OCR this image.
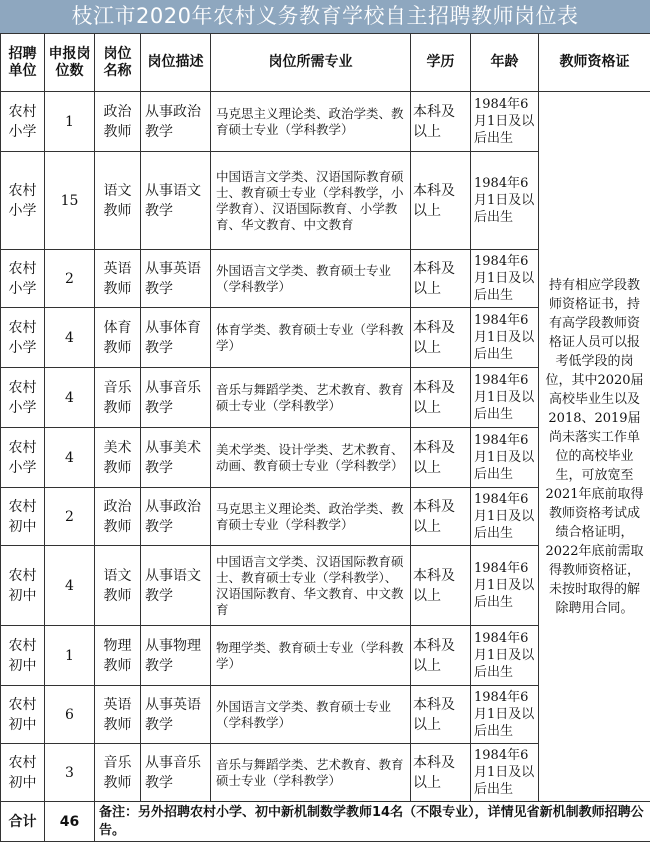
枝江市2020年农村义务教育学校自主招聘教师岗位表
招聘单位	申报岗位数	岗位名称	岗位描述	岗位所需专业	学历	年龄	教师资格证
农村小学	1	政治教师	从事政治教学	马克思主义理论类、政治学类、教育硕士专业（学科教学）	本科及以上	1984年6月1日及以后出生	持有相应学段教师资格证书，持有高学段教师资格证人员可以报考低学段的岗位，其中2020届高校毕业生以及2018、2019届尚未落实工作单位的高校毕业生，可放宽至2021年底前取得教师资格考试成绩合格证明，2022年底前需取得教师资格证，未按时取得的解除聘用合同。
农村小学	15	语文教师	从事语文教学	中国语言文学类、汉语国际教育硕士、教育硕士专业（学科教学，小学教育）、汉语国际教育、小学教育、华文教育、中文教育	本科及以上	1984年6月1日及以后出生	
农村小学	2	英语教师	从事英语教学	外国语言文学类、教育硕士专业（学科教学）	本科及以上	1984年6月1日及以后出生	
农村小学	4	体育教师	从事体育教学	体育学类、教育硕士专业（学科教学）	本科及以上	1984年6月1日及以后出生	
农村小学	4	音乐教师	从事音乐教学	音乐与舞蹈学类、艺术教育、教育硕士专业（学科教学）	本科及以上	1984年6月1日及以后出生	
农村小学	4	美术教师	从事美术教学	美术学类、设计学类、艺术教育、动画、教育硕士专业（学科教学）	本科及以上	1984年6月1日及以后出生	
农村初中	2	政治教师	从事政治教学	马克思主义理论类、政治学类、教育硕士专业（学科教学）	本科及以上	1984年6月1日及以后出生	
农村初中	4	语文教师	从事语文教学	中国语言文学类、汉语国际教育硕士、教育硕士专业（学科教学）、汉语国际教育、华文教育、中文教育	本科及以上	1984年6月1日及以后出生	
农村初中	1	物理教师	从事物理教学	物理学类、教育硕士专业（学科教学）	本科及以上	1984年6月1日及以后出生	
农村初中	6	英语教师	从事英语教学	外国语言文学类、教育硕士专业（学科教学）	本科及以上	1984年6月1日及以后出生	
农村初中	3	音乐教师	从事音乐教学	音乐与舞蹈学类、艺术教育、教育硕士专业（学科教学）	本科及以上	1984年6月1日及以后出生	
合计	46	备注：另外招聘农村小学、初中新机制数学教师14名（不限专业），详情见省新机制教师招聘公告。					
